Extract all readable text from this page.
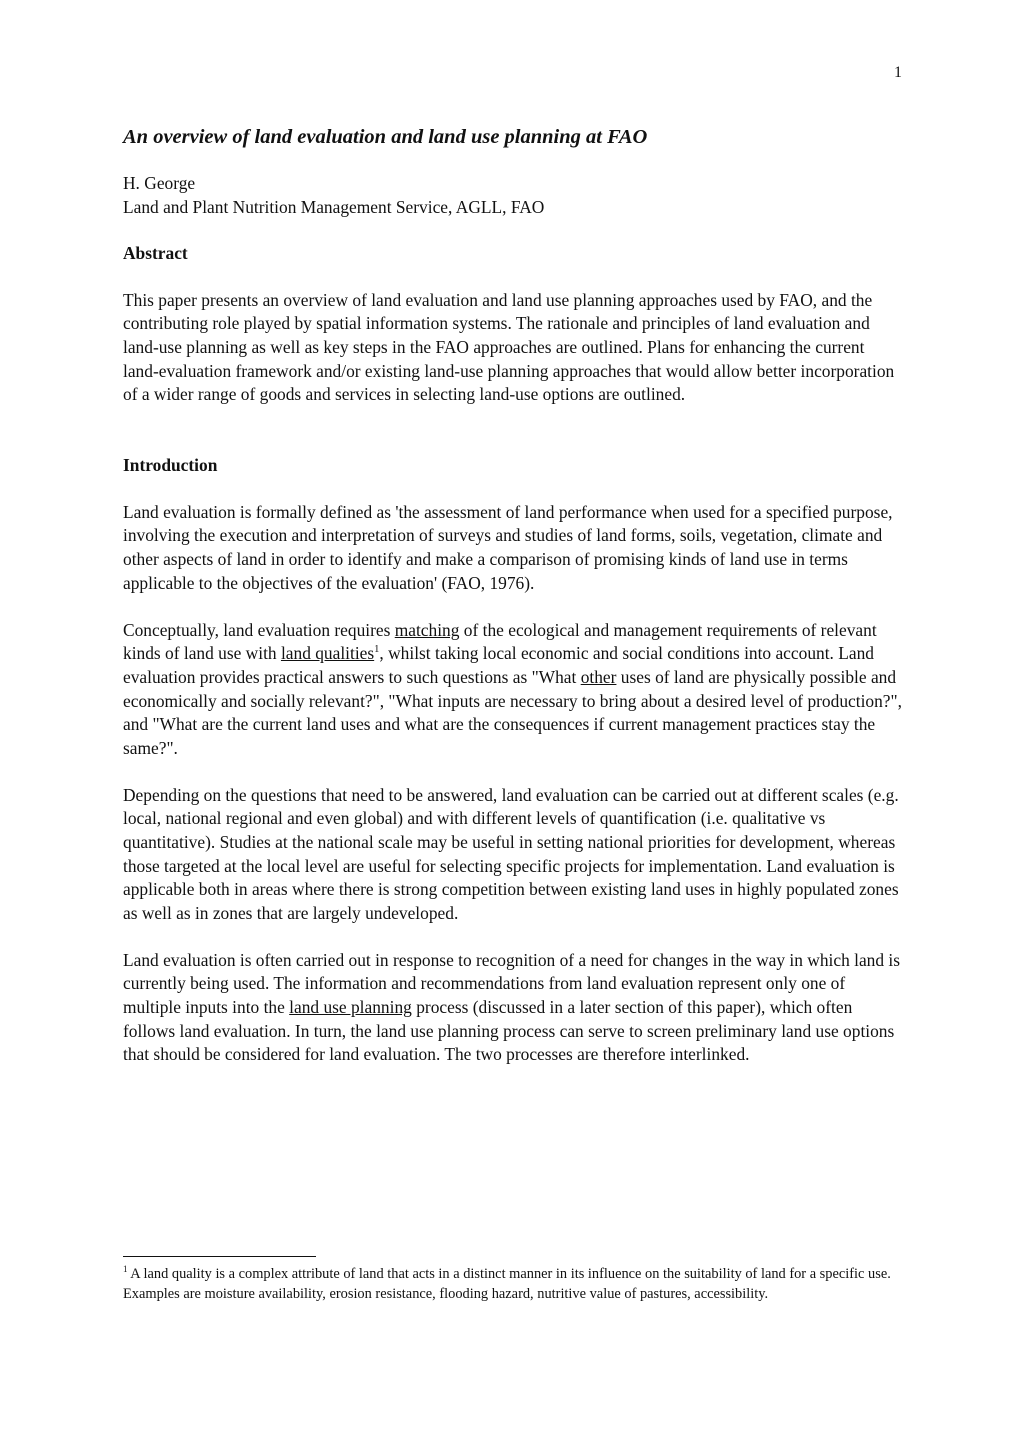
1
An overview of land evaluation and land use planning at FAO
H. George
Land and Plant Nutrition Management Service, AGLL, FAO
Abstract

This paper presents an overview of land evaluation and land use planning approaches used by FAO, and the contributing role played by spatial information systems. The rationale and principles of land evaluation and land-use planning as well as key steps in the FAO approaches are outlined. Plans for enhancing the current land-evaluation framework and/or existing land-use planning approaches that would allow better incorporation of a wider range of goods and services in selecting land-use options are outlined.

Introduction

Land evaluation is formally defined as 'the assessment of land performance when used for a specified purpose, involving the execution and interpretation of surveys and studies of land forms, soils, vegetation, climate and other aspects of land in order to identify and make a comparison of promising kinds of land use in terms applicable to the objectives of the evaluation' (FAO, 1976).

Conceptually, land evaluation requires matching of the ecological and management requirements of relevant kinds of land use with land qualities$^1$, whilst taking local economic and social conditions into account. Land evaluation provides practical answers to such questions as "What other uses of land are physically possible and economically and socially relevant?", "What inputs are necessary to bring about a desired level of production?", and "What are the current land uses and what are the consequences if current management practices stay the same?".

Depending on the questions that need to be answered, land evaluation can be carried out at different scales (e.g. local, national regional and even global) and with different levels of quantification (i.e. qualitative vs quantitative). Studies at the national scale may be useful in setting national priorities for development, whereas those targeted at the local level are useful for selecting specific projects for implementation. Land evaluation is applicable both in areas where there is strong competition between existing land uses in highly populated zones as well as in zones that are largely undeveloped.

Land evaluation is often carried out in response to recognition of a need for changes in the way in which land is currently being used. The information and recommendations from land evaluation represent only one of multiple inputs into the land use planning process (discussed in a later section of this paper), which often follows land evaluation. In turn, the land use planning process can serve to screen preliminary land use options that should be considered for land evaluation. The two processes are therefore interlinked.

$^1$ A land quality is a complex attribute of land that acts in a distinct manner in its influence on the suitability of land for a specific use. Examples are moisture availability, erosion resistance, flooding hazard, nutritive value of pastures, accessibility.
